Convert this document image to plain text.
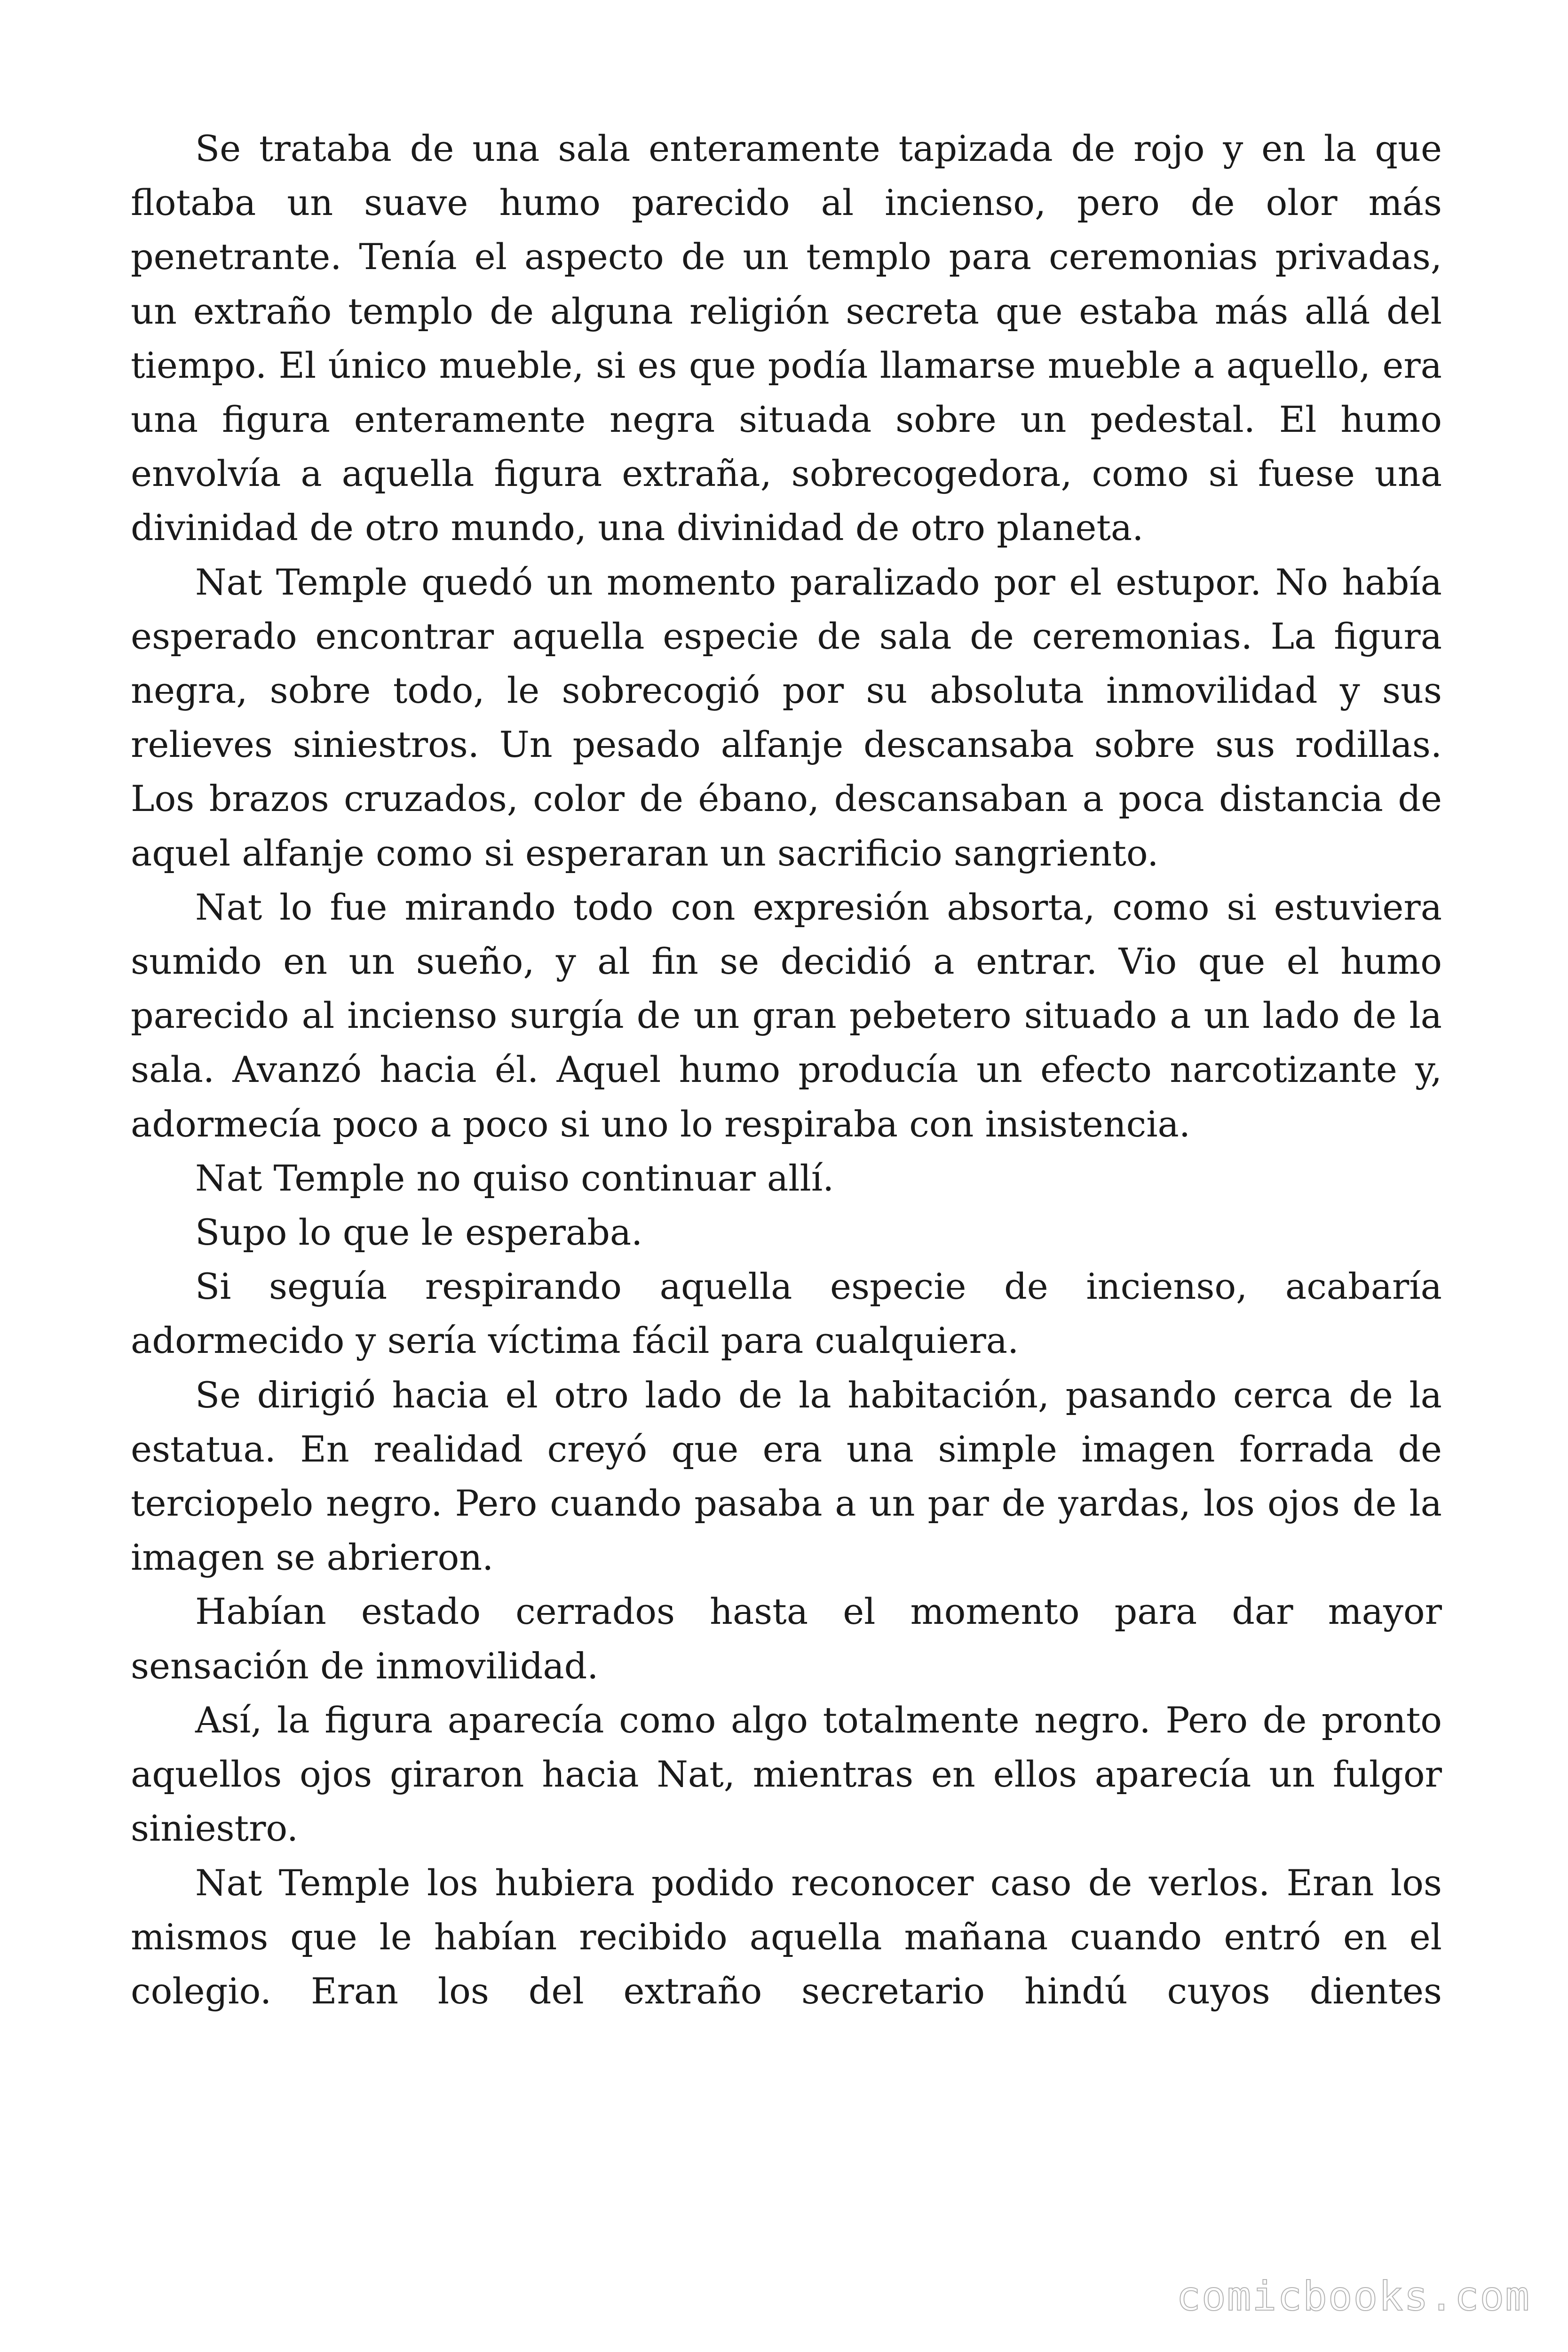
Se trataba de una sala enteramente tapizada de rojo y en la que flotaba un suave humo parecido al incienso, pero de olor más penetrante. Tenía el aspecto de un templo para ceremonias privadas, un extraño templo de alguna religión secreta que estaba más allá del tiempo. El único mueble, si es que podía llamarse mueble a aquello, era una figura enteramente negra situada sobre un pedestal. El humo envolvía a aquella figura extraña, sobrecogedora, como si fuese una divinidad de otro mundo, una divinidad de otro planeta.

Nat Temple quedó un momento paralizado por el estupor. No había esperado encontrar aquella especie de sala de ceremonias. La figura negra, sobre todo, le sobrecogió por su absoluta inmovilidad y sus relieves siniestros. Un pesado alfanje descansaba sobre sus rodillas. Los brazos cruzados, color de ébano, descansaban a poca distancia de aquel alfanje como si esperaran un sacrificio sangriento.

Nat lo fue mirando todo con expresión absorta, como si estuviera sumido en un sueño, y al fin se decidió a entrar. Vio que el humo parecido al incienso surgía de un gran pebetero situado a un lado de la sala. Avanzó hacia él. Aquel humo producía un efecto narcotizante y, adormecía poco a poco si uno lo respiraba con insistencia.

Nat Temple no quiso continuar allí.

Supo lo que le esperaba.

Si seguía respirando aquella especie de incienso, acabaría adormecido y sería víctima fácil para cualquiera.

Se dirigió hacia el otro lado de la habitación, pasando cerca de la estatua. En realidad creyó que era una simple imagen forrada de terciopelo negro. Pero cuando pasaba a un par de yardas, los ojos de la imagen se abrieron.

Habían estado cerrados hasta el momento para dar mayor sensación de inmovilidad.

Así, la figura aparecía como algo totalmente negro. Pero de pronto aquellos ojos giraron hacia Nat, mientras en ellos aparecía un fulgor siniestro.

Nat Temple los hubiera podido reconocer caso de verlos. Eran los mismos que le habían recibido aquella mañana cuando entró en el colegio. Eran los del extraño secretario hindú cuyos dientes

comicbooks.com
